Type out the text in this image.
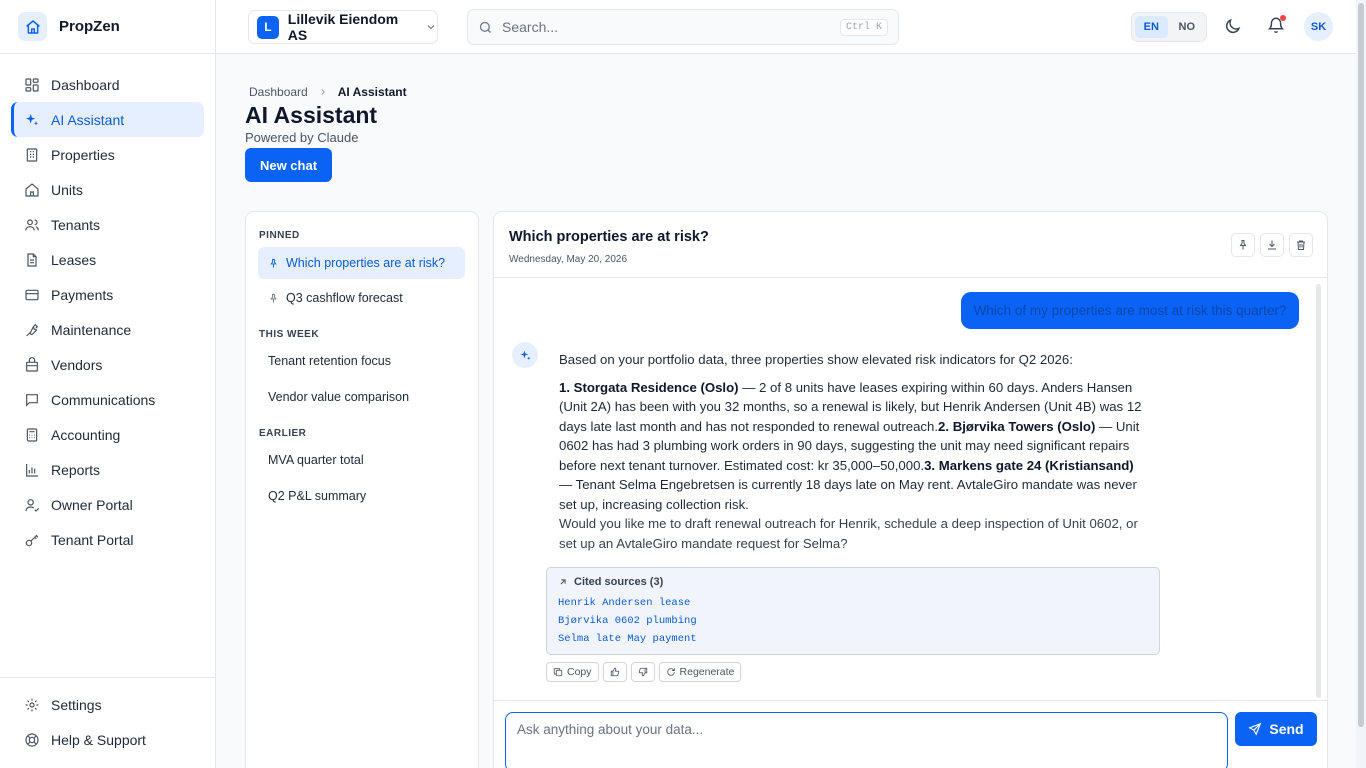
PropZen
Dashboard
AI Assistant
Properties
Units
Tenants
Leases
Payments
Maintenance
Vendors
Communications
Accounting
Reports
Owner Portal
Tenant Portal
Settings
Help & Support
L	Lillevik Eiendom AS
Search...	Ctrl K	EN	NO	SK
Dashboard	AI Assistant
AI Assistant
Powered by Claude
New chat
PINNED
Which properties are at risk?
Q3 cashflow forecast
THIS WEEK
Tenant retention focus
Vendor value comparison
EARLIER
MVA quarter total
Q2 P&L summary
Which properties are at risk?
Wednesday, May 20, 2026
Which of my properties are most at risk this quarter?
Based on your portfolio data, three properties show elevated risk indicators for Q2 2026:
1. Storgata Residence (Oslo) — 2 of 8 units have leases expiring within 60 days. Anders Hansen (Unit 2A) has been with you 32 months, so a renewal is likely, but Henrik Andersen (Unit 4B) was 12 days late last month and has not responded to renewal outreach.2. Bjørvika Towers (Oslo) — Unit 0602 has had 3 plumbing work orders in 90 days, suggesting the unit may need significant repairs before next tenant turnover. Estimated cost: kr 35,000–50,000.3. Markens gate 24 (Kristiansand) — Tenant Selma Engebretsen is currently 18 days late on May rent. AvtaleGiro mandate was never set up, increasing collection risk.
Would you like me to draft renewal outreach for Henrik, schedule a deep inspection of Unit 0602, or set up an AvtaleGiro mandate request for Selma?
Cited sources (3)
Henrik Andersen lease
Bjørvika 0602 plumbing
Selma late May payment
Copy	Regenerate
Ask anything about your data...
Send
